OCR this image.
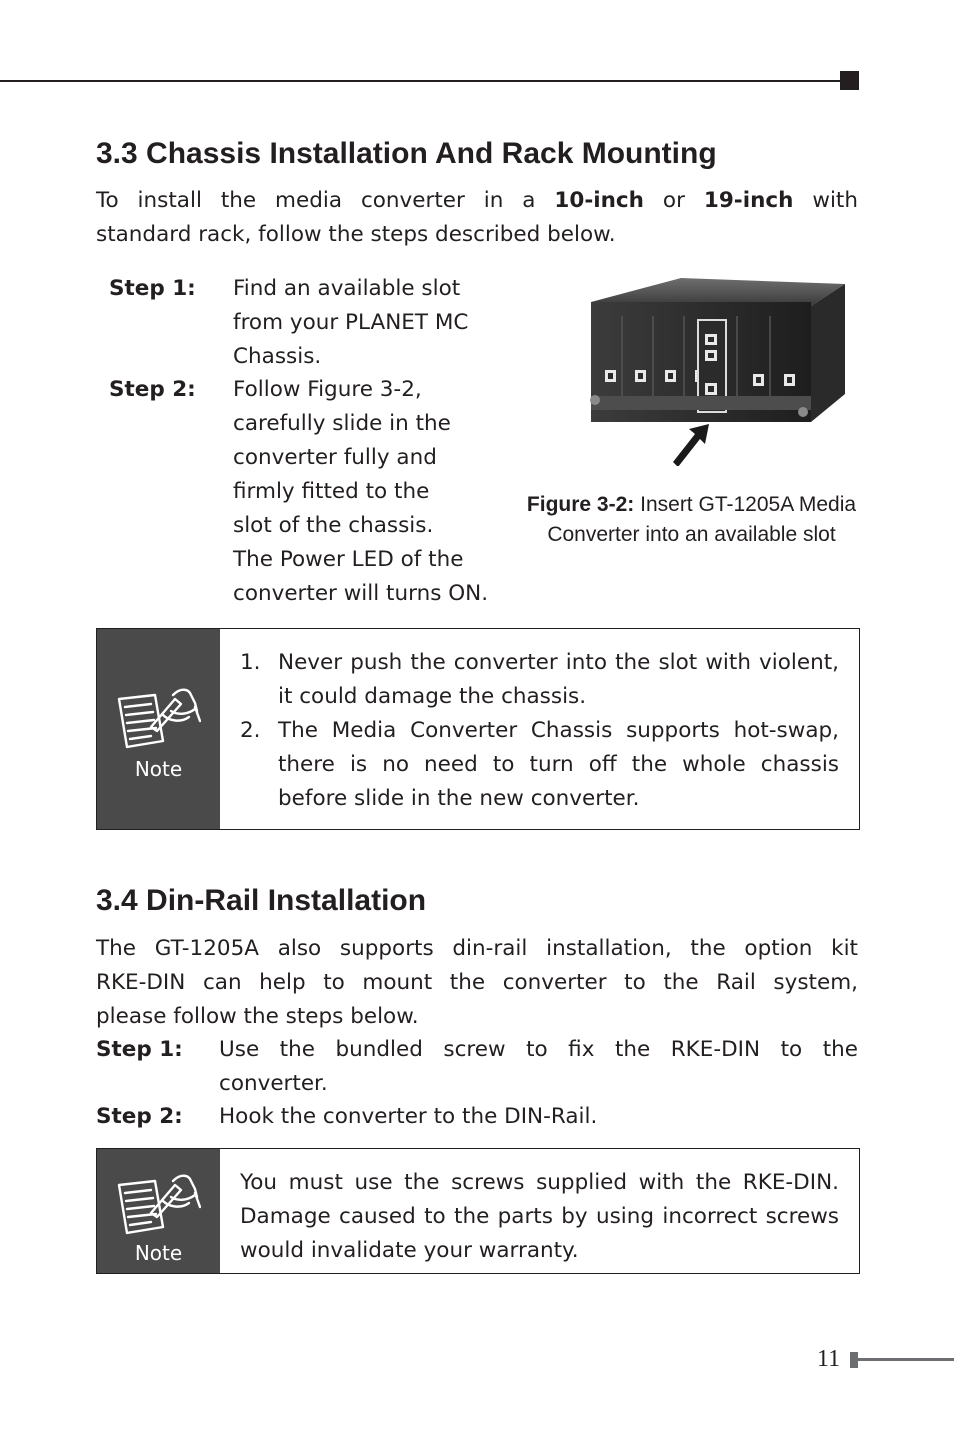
3.3 Chassis Installation And Rack Mounting
To install the media converter in a 10-inch or 19-inch with
standard rack, follow the steps described below.
Step 1: Find an available slot
from your PLANET MC
Chassis.
Step 2: Follow Figure 3-2,
carefully slide in the
converter fully and
firmly fitted to the
slot of the chassis.
The Power LED of the
converter will turns ON.
Figure 3-2: Insert GT-1205A Media Converter into an available slot
Note
1. Never push the converter into the slot with violent, it could damage the chassis.
2. The Media Converter Chassis supports hot-swap, there is no need to turn off the whole chassis before slide in the new converter.
3.4 Din-Rail Installation
The GT-1205A also supports din-rail installation, the option kit
RKE-DIN can help to mount the converter to the Rail system,
please follow the steps below.
Step 1: Use the bundled screw to fix the RKE-DIN to the
converter.
Step 2: Hook the converter to the DIN-Rail.
Note
You must use the screws supplied with the RKE-DIN. Damage caused to the parts by using incorrect screws would invalidate your warranty.
11
